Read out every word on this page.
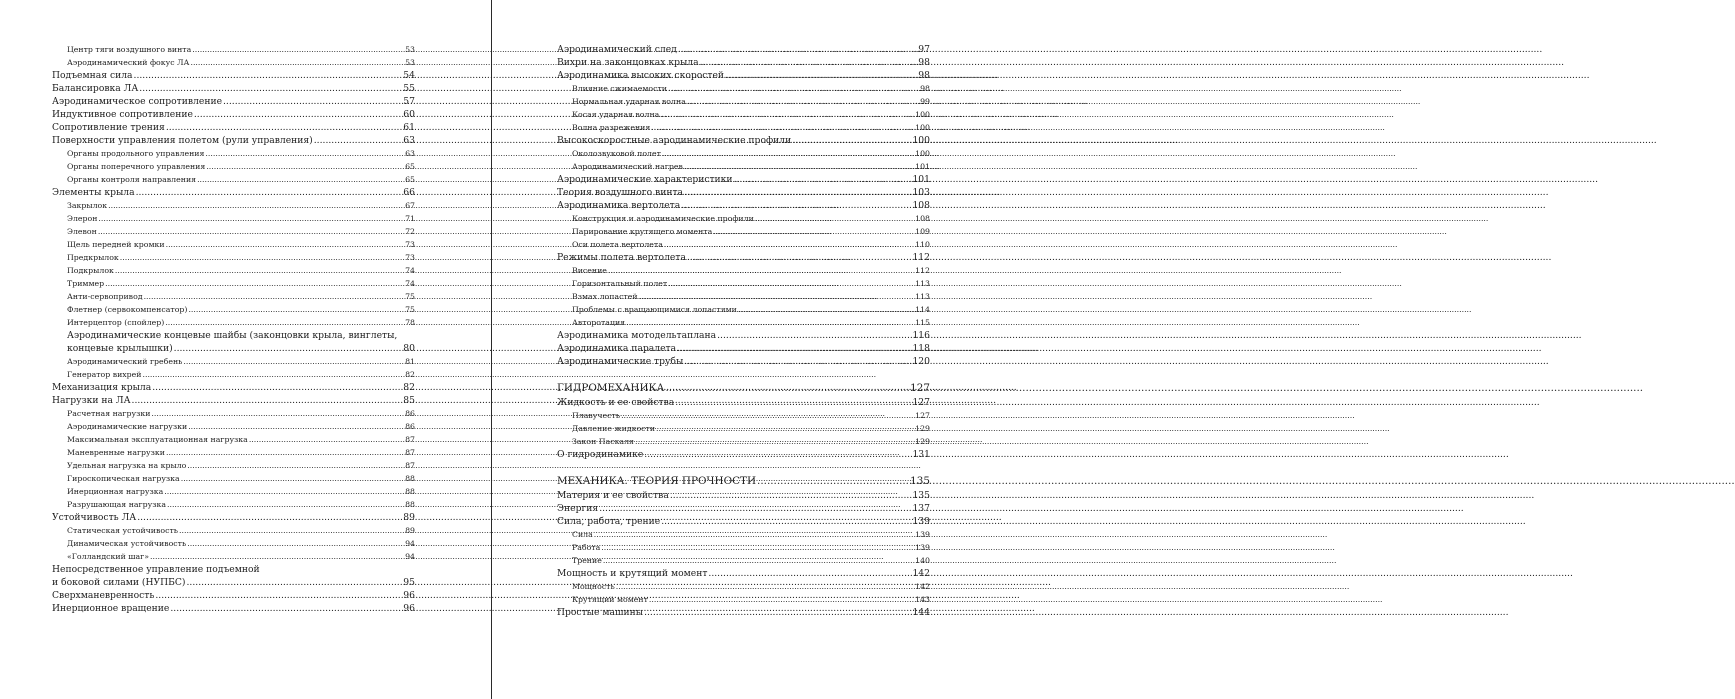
Центр тяги воздушного винта .....	53
Аэродинамический фокус ЛА .....	53
Подъемная сила .....	54
Балансировка ЛА .....	55
Аэродинамическое сопротивление .....	57
Индуктивное сопротивление .....	60
Сопротивление трения .....	61
Поверхности управления полетом (рули управления) .....	63
Органы продольного управления .....	63
Органы поперечного управления .....	65
Органы контроля направления .....	65
Элементы крыла .....	66
Закрылок .....	67
Элерон .....	71
Элевон .....	72
Щель передней кромки .....	73
Предкрылок .....	73
Подкрылок .....	74
Триммер .....	74
Анти-сервопривод .....	75
Флетнер (сервокомпенсатор) .....	75
Интерцептор (спойлер) .....	78
Аэродинамические концевые шайбы (законцовки крыла, винглеты,
концевые крылышки) .....	80
Аэродинамический гребень .....	81
Генератор вихрей .....	82
Механизация крыла .....	82
Нагрузки на ЛА .....	85
Расчетная нагрузки .....	86
Аэродинамические нагрузки .....	86
Максимальная эксплуатационная нагрузка .....	87
Маневренные нагрузки .....	87
Удельная нагрузка на крыло .....	87
Гироскопическая нагрузка .....	88
Инерционная нагрузка .....	88
Разрушающая нагрузка .....	88
Устойчивость ЛА .....	89
Статическая устойчивость .....	89
Динамическая устойчивость .....	94
«Голландский шаг» .....	94
Непосредственное управление подъемной
и боковой силами (НУПБС) .....	95
Сверхманевренность .....	96
Инерционное вращение .....	96
Аэродинамический след .....	97
Вихри на законцовках крыла .....	98
Аэродинамика высоких скоростей .....	98
Влияние сжимаемости .....	98
Нормальная ударная волна .....	99
Косая ударная волна .....	100
Волна разрежения .....	100
Высокоскоростные аэродинамические профили .....	100
Околозвуковой полет .....	100
Аэродинамический нагрев .....	101
Аэродинамические характеристики .....	101
Теория воздушного винта .....	103
Аэродинамика вертолета .....	108
Конструкция и аэродинамические профили .....	108
Парирование крутящего момента .....	109
Оси полета вертолета .....	110
Режимы полета вертолета .....	112
Висение .....	112
Горизонтальный полет .....	113
Взмах лопастей .....	113
Проблемы с вращающимися лопастями .....	114
Авторотация .....	115
Аэродинамика мотодельтаплана .....	116
Аэродинамика паралета .....	118
Аэродинамические трубы .....	120
ГИДРОМЕХАНИКА .....	127
Жидкость и ее свойства .....	127
Плавучесть .....	127
Давление жидкости .....	129
Закон Паскаля .....	129
О гидродинамике .....	131
МЕХАНИКА. ТЕОРИЯ ПРОЧНОСТИ .....	135
Материя и ее свойства .....	135
Энергия .....	137
Сила, работа, трение .....	139
Сила .....	139
Работа .....	139
Трение .....	140
Мощность и крутящий момент .....	142
Мощность .....	142
Крутящий момент .....	143
Простые машины .....	144
